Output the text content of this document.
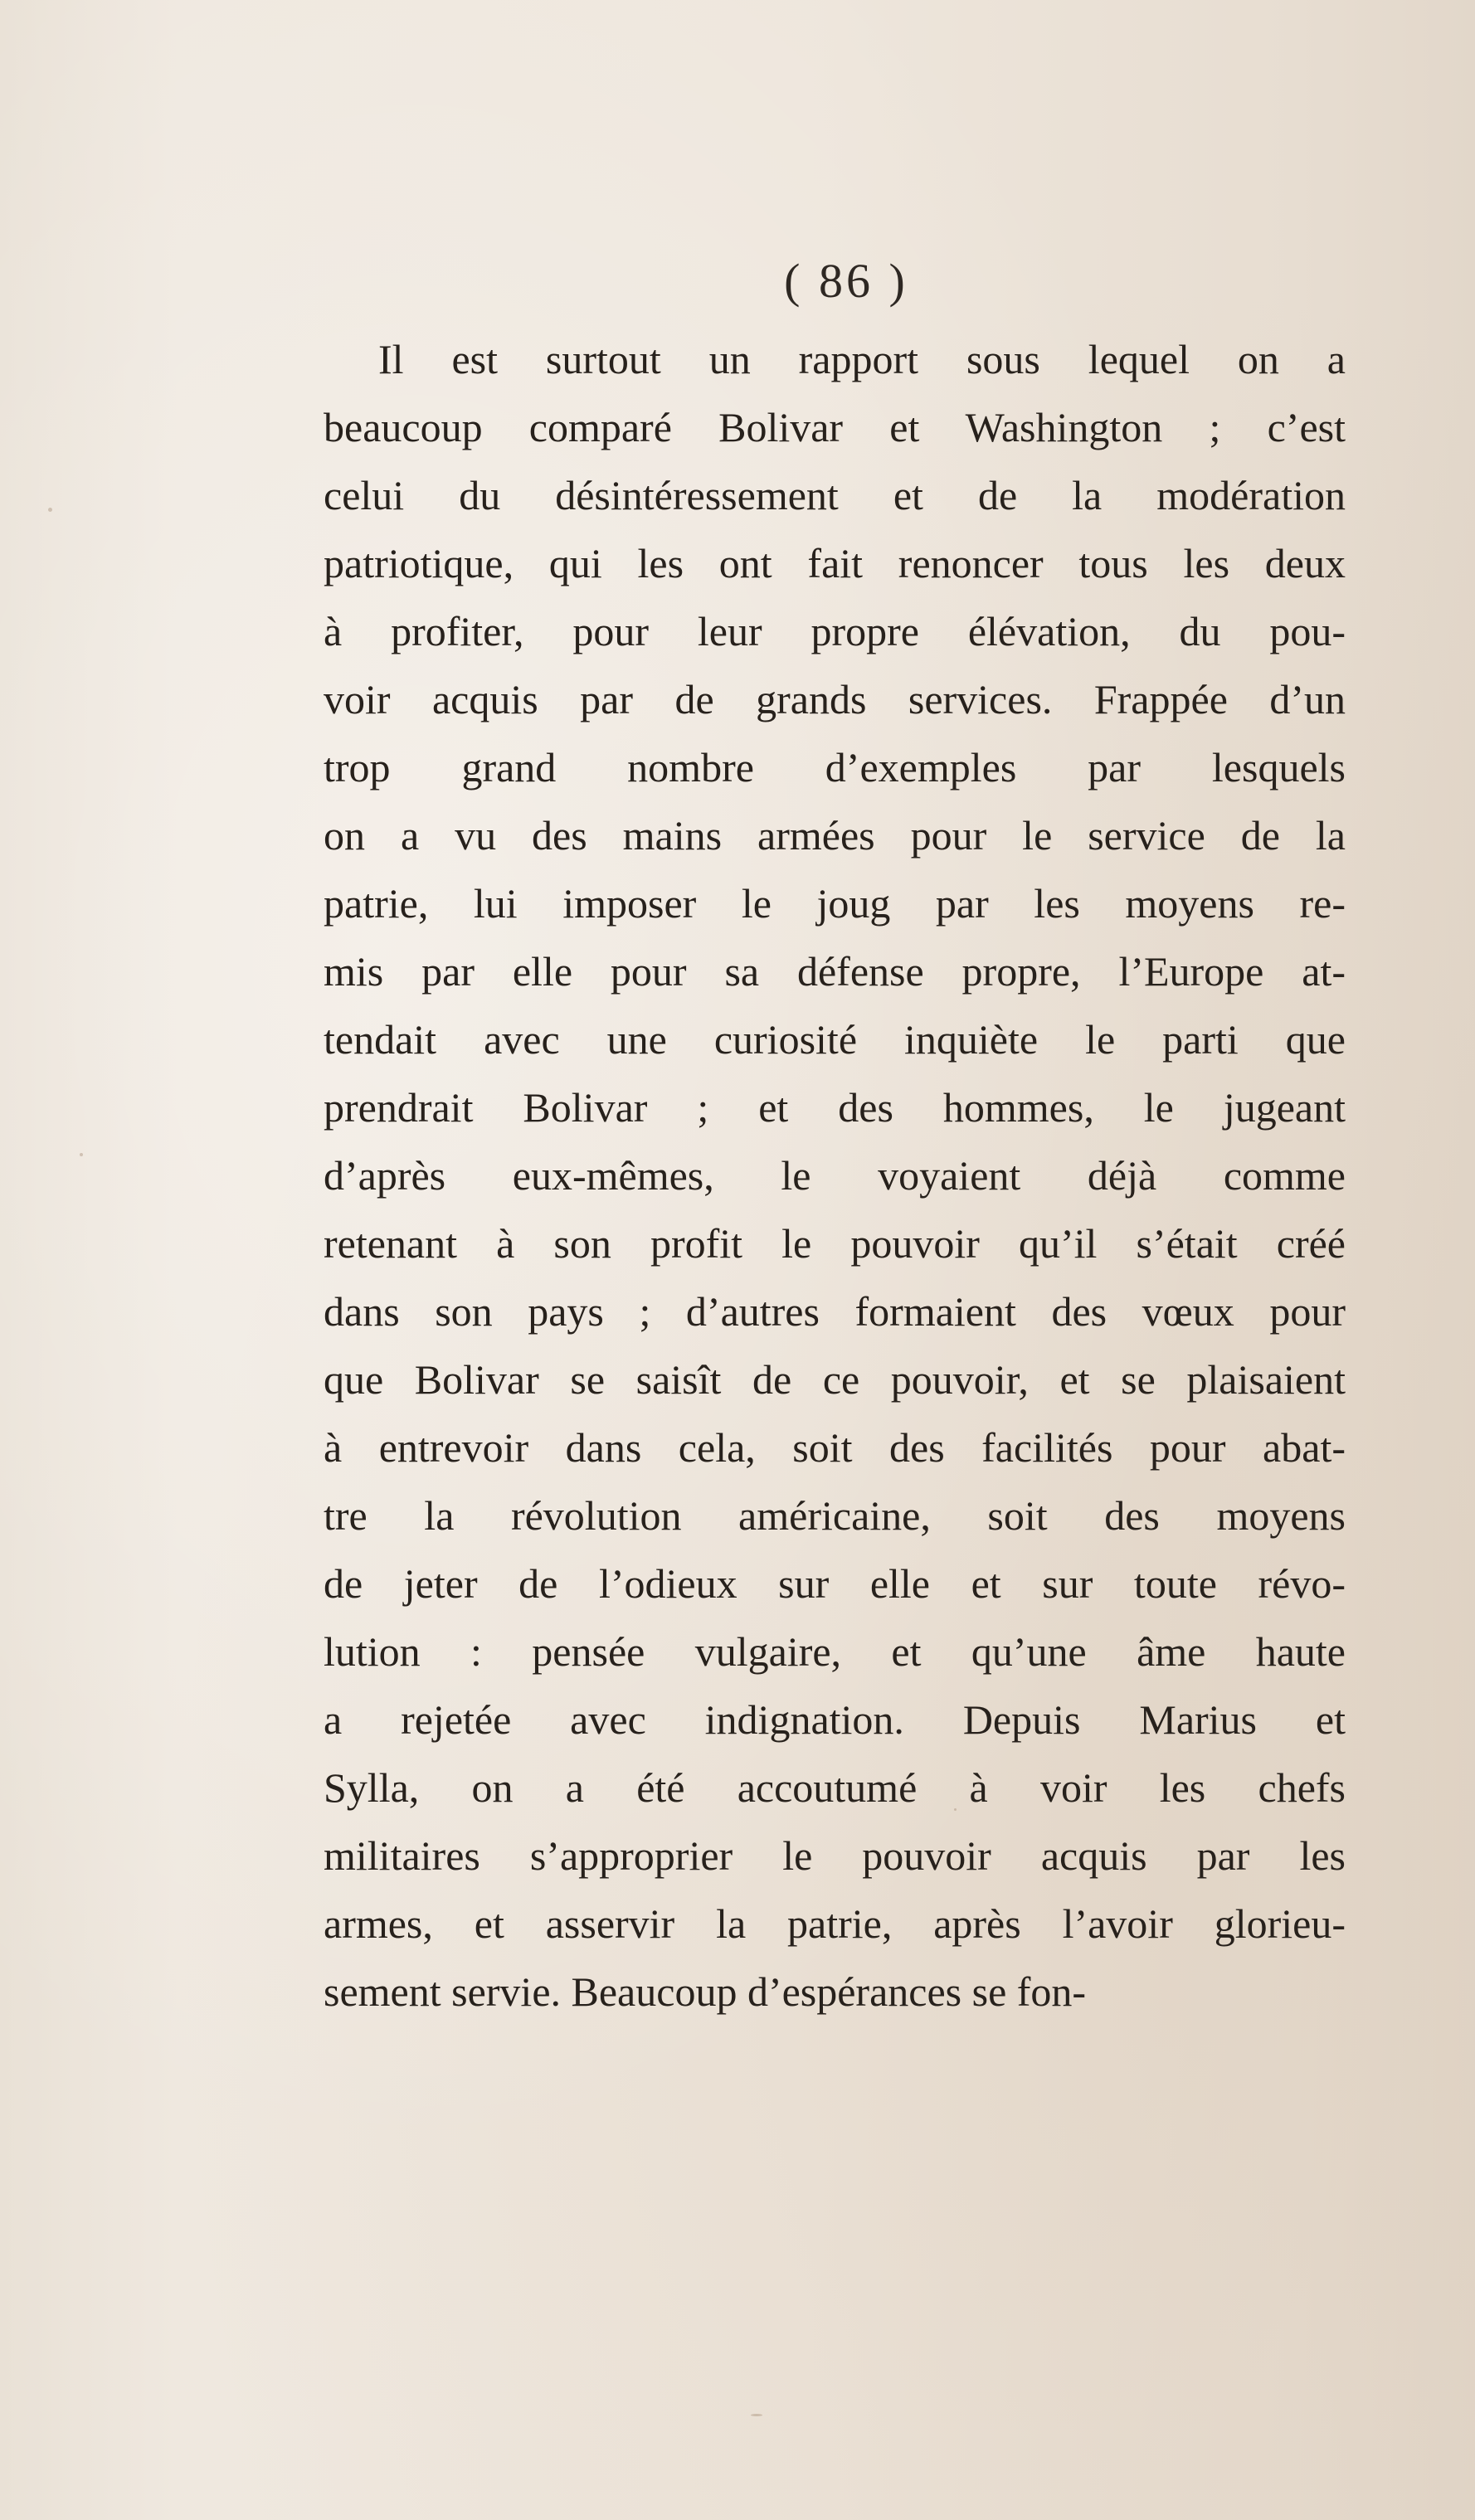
( 86 )
Il est surtout un rapport sous lequel on a
beaucoup comparé Bolivar et Washington ; c’est
celui du désintéressement et de la modération
patriotique, qui les ont fait renoncer tous les deux
à profiter, pour leur propre élévation, du pou-
voir acquis par de grands services. Frappée d’un
trop grand nombre d’exemples par lesquels
on a vu des mains armées pour le service de la
patrie, lui imposer le joug par les moyens re-
mis par elle pour sa défense propre, l’Europe at-
tendait avec une curiosité inquiète le parti que
prendrait Bolivar ; et des hommes, le jugeant
d’après eux-mêmes, le voyaient déjà comme
retenant à son profit le pouvoir qu’il s’était créé
dans son pays ; d’autres formaient des vœux pour
que Bolivar se saisît de ce pouvoir, et se plaisaient
à entrevoir dans cela, soit des facilités pour abat-
tre la révolution américaine, soit des moyens
de jeter de l’odieux sur elle et sur toute révo-
lution : pensée vulgaire, et qu’une âme haute
a rejetée avec indignation. Depuis Marius et
Sylla, on a été accoutumé à voir les chefs
militaires s’approprier le pouvoir acquis par les
armes, et asservir la patrie, après l’avoir glorieu-
sement servie. Beaucoup d’espérances se fon-
